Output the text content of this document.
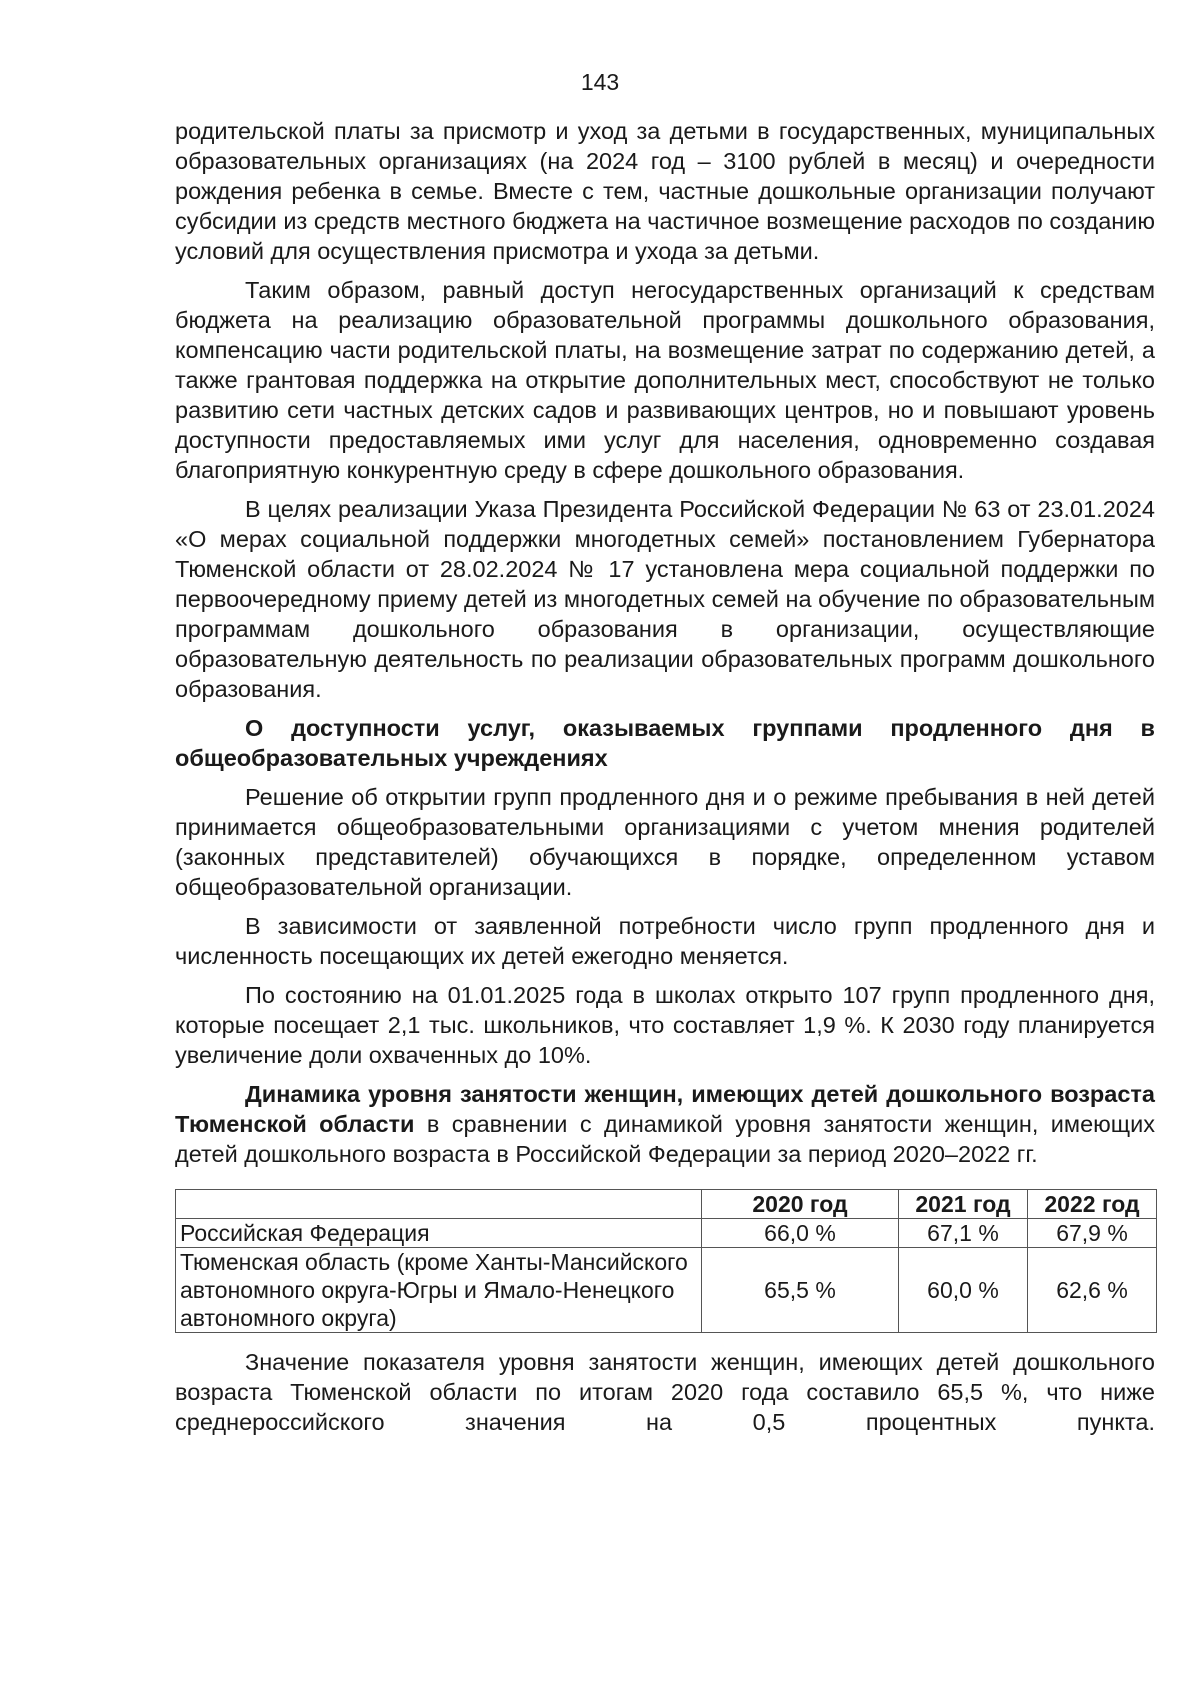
143

родительской платы за присмотр и уход за детьми в государственных, муниципальных образовательных организациях (на 2024 год – 3100 рублей в месяц) и очередности рождения ребенка в семье. Вместе с тем, частные дошкольные организации получают субсидии из средств местного бюджета на частичное возмещение расходов по созданию условий для осуществления присмотра и ухода за детьми.

Таким образом, равный доступ негосударственных организаций к средствам бюджета на реализацию образовательной программы дошкольного образования, компенсацию части родительской платы, на возмещение затрат по содержанию детей, а также грантовая поддержка на открытие дополнительных мест, способствуют не только развитию сети частных детских садов и развивающих центров, но и повышают уровень доступности предоставляемых ими услуг для населения, одновременно создавая благоприятную конкурентную среду в сфере дошкольного образования.

В целях реализации Указа Президента Российской Федерации № 63 от 23.01.2024 «О мерах социальной поддержки многодетных семей» постановлением Губернатора Тюменской области от 28.02.2024 № 17 установлена мера социальной поддержки по первоочередному приему детей из многодетных семей на обучение по образовательным программам дошкольного образования в организации, осуществляющие образовательную деятельность по реализации образовательных программ дошкольного образования.

О доступности услуг, оказываемых группами продленного дня в общеобразовательных учреждениях

Решение об открытии групп продленного дня и о режиме пребывания в ней детей принимается общеобразовательными организациями с учетом мнения родителей (законных представителей) обучающихся в порядке, определенном уставом общеобразовательной организации.

В зависимости от заявленной потребности число групп продленного дня и численность посещающих их детей ежегодно меняется.

По состоянию на 01.01.2025 года в школах открыто 107 групп продленного дня, которые посещает 2,1 тыс. школьников, что составляет 1,9 %. К 2030 году планируется увеличение доли охваченных до 10%.

Динамика уровня занятости женщин, имеющих детей дошкольного возраста Тюменской области в сравнении с динамикой уровня занятости женщин, имеющих детей дошкольного возраста в Российской Федерации за период 2020–2022 гг.

	2020 год	2021 год	2022 год
Российская Федерация	66,0 %	67,1 %	67,9 %
Тюменская область (кроме Ханты-Мансийского автономного округа-Югры и Ямало-Ненецкого автономного округа)	65,5 %	60,0 %	62,6 %

Значение показателя уровня занятости женщин, имеющих детей дошкольного возраста Тюменской области по итогам 2020 года составило 65,5 %, что ниже среднероссийского значения на 0,5 процентных пункта.
